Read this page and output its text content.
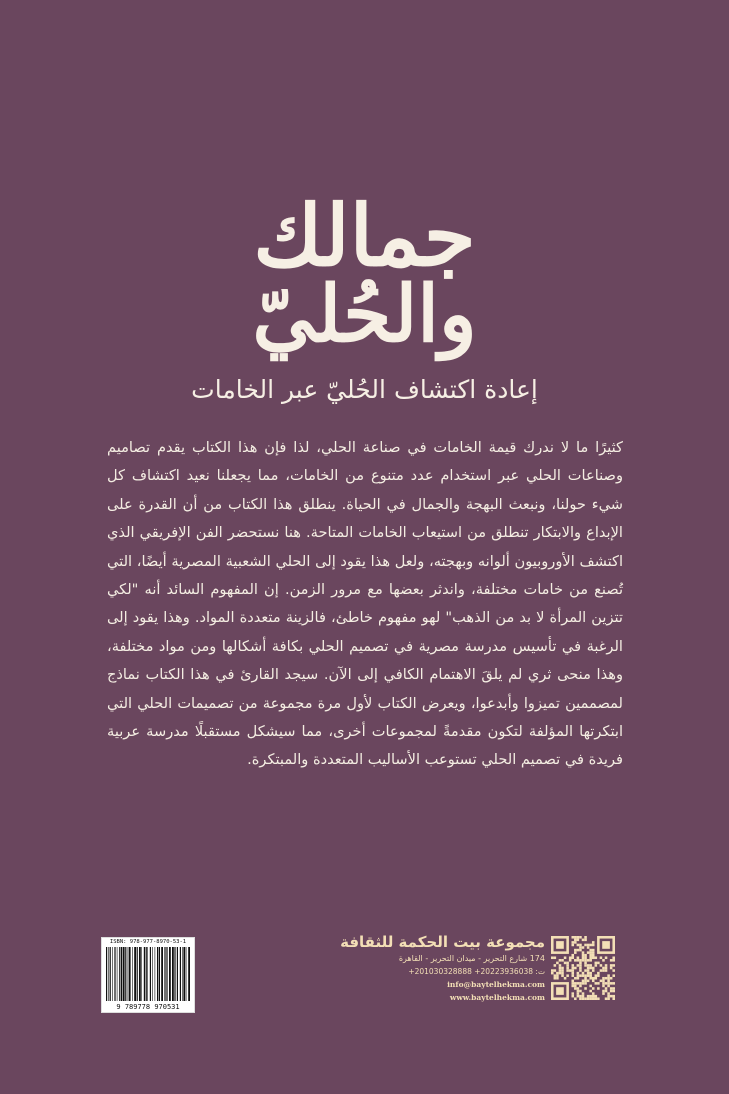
جمالك
والحُليّ
إعادة اكتشاف الحُليّ عبر الخامات

كثيرًا ما لا ندرك قيمة الخامات في صناعة الحلي، لذا فإن هذا الكتاب يقدم تصاميم وصناعات الحلي عبر استخدام عدد متنوع من الخامات، مما يجعلنا نعيد اكتشاف كل شيء حولنا، ونبعث البهجة والجمال في الحياة. ينطلق هذا الكتاب من أن القدرة على الإبداع والابتكار تنطلق من استيعاب الخامات المتاحة. هنا نستحضر الفن الإفريقي الذي اكتشف الأوروبيون ألوانه وبهجته، ولعل هذا يقود إلى الحلي الشعبية المصرية أيضًا، التي تُصنع من خامات مختلفة، واندثر بعضها مع مرور الزمن. إن المفهوم السائد أنه "لكي تتزين المرأة لا بد من الذهب" لهو مفهوم خاطئ، فالزينة متعددة المواد. وهذا يقود إلى الرغبة في تأسيس مدرسة مصرية في تصميم الحلي بكافة أشكالها ومن مواد مختلفة، وهذا منحى ثري لم يلقَ الاهتمام الكافي إلى الآن. سيجد القارئ في هذا الكتاب نماذج لمصممين تميزوا وأبدعوا، ويعرض الكتاب لأول مرة مجموعة من تصميمات الحلي التي ابتكرتها المؤلفة لتكون مقدمةً لمجموعات أخرى، مما سيشكل مستقبلًا مدرسة عربية فريدة في تصميم الحلي تستوعب الأساليب المتعددة والمبتكرة.

ISBN: 978-977-8970-53-1
9 789778 970531
مجموعة بيت الحكمة للثقافة
174 شارع التحرير - ميدان التحرير - القاهرة
+201030328888 +20223936038 :ت
info@baytelhekma.com
www.baytelhekma.com
